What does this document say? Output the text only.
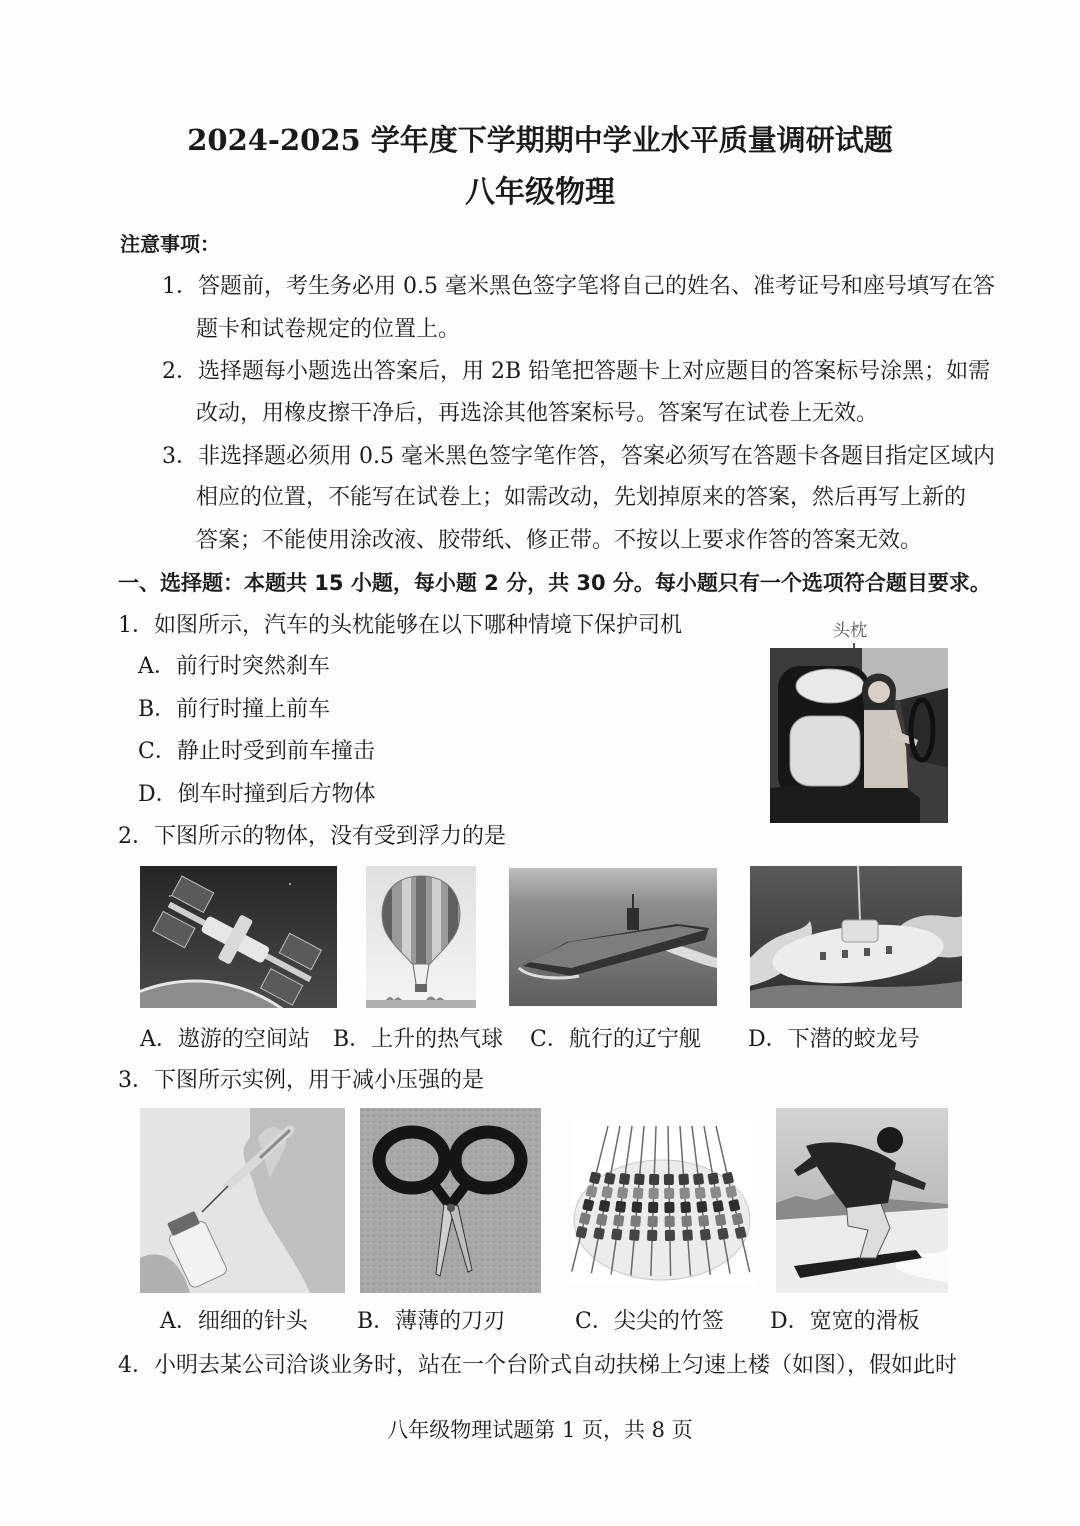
2024-2025 学年度下学期期中学业水平质量调研试题
八年级物理
注意事项：
1．答题前，考生务必用 0.5 毫米黑色签字笔将自己的姓名、准考证号和座号填写在答
题卡和试卷规定的位置上。
2．选择题每小题选出答案后，用 2B 铅笔把答题卡上对应题目的答案标号涂黑；如需
改动，用橡皮擦干净后，再选涂其他答案标号。答案写在试卷上无效。
3．非选择题必须用 0.5 毫米黑色签字笔作答，答案必须写在答题卡各题目指定区域内
相应的位置，不能写在试卷上；如需改动，先划掉原来的答案，然后再写上新的
答案；不能使用涂改液、胶带纸、修正带。不按以上要求作答的答案无效。
一、选择题：本题共 15 小题，每小题 2 分，共 30 分。每小题只有一个选项符合题目要求。
1．如图所示，汽车的头枕能够在以下哪种情境下保护司机
A．前行时突然刹车
B．前行时撞上前车
C．静止时受到前车撞击
D．倒车时撞到后方物体
头枕
2．下图所示的物体，没有受到浮力的是
A．遨游的空间站 B．上升的热气球 C．航行的辽宁舰 D．下潜的蛟龙号
3．下图所示实例，用于减小压强的是
A．细细的针头 B．薄薄的刀刃	C．尖尖的竹签 D．宽宽的滑板
4．小明去某公司洽谈业务时，站在一个台阶式自动扶梯上匀速上楼（如图），假如此时
八年级物理试题第 1 页，共 8 页
